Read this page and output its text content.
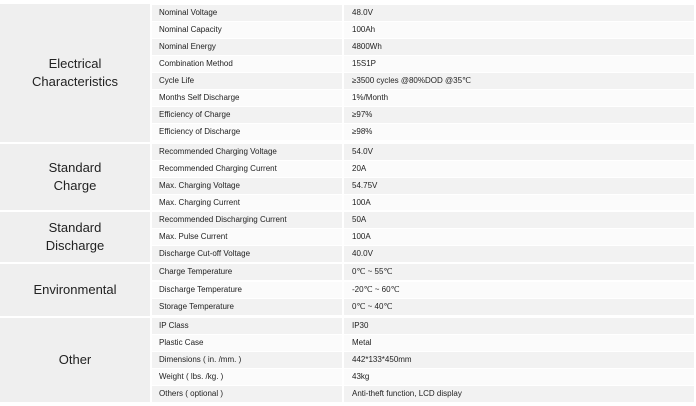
Electrical
Characteristics
Nominal Voltage	48.0V
Nominal Capacity	100Ah
Nominal Energy	4800Wh
Combination Method	15S1P
Cycle Life	≥3500 cycles @80%DOD @35℃
Months Self Discharge	1%/Month
Efficiency of Charge	≥97%
Efficiency of Discharge	≥98%
Standard
Charge
Recommended Charging Voltage	54.0V
Recommended Charging Current	20A
Max. Charging Voltage	54.75V
Max. Charging Current	100A
Standard
Discharge
Recommended Discharging Current	50A
Max. Pulse Current	100A
Discharge Cut-off Voltage	40.0V
Environmental
Charge Temperature	0℃ ~ 55℃
Discharge Temperature	-20℃ ~ 60℃
Storage Temperature	0℃ ~ 40℃
Other
IP Class	IP30
Plastic Case	Metal
Dimensions ( in. /mm. )	442*133*450mm
Weight ( lbs. /kg. )	43kg
Others ( optional )	Anti-theft function, LCD display
